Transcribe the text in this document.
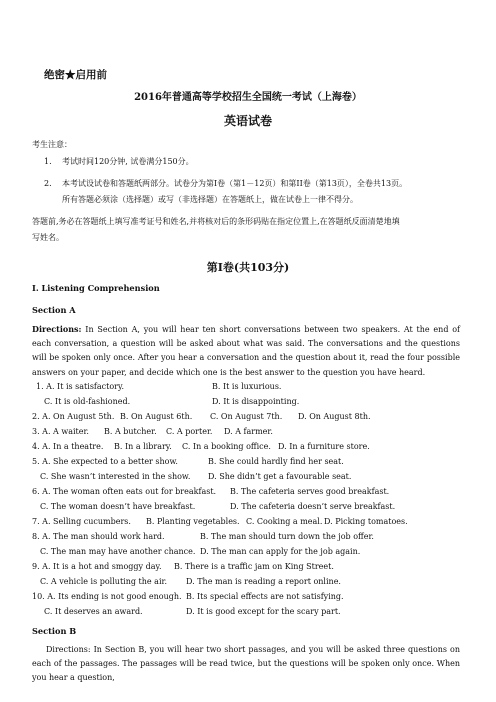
绝密★启用前
2016年普通高等学校招生全国统一考试（上海卷）
英语试卷
考生注意：
1. 考试时间120分钟, 试卷满分150分。
2. 本考试设试卷和答题纸两部分。试卷分为第I卷（第1－12页）和第II卷（第13页），全卷共13页。
所有答题必须涂（选择题）或写（非选择题）在答题纸上，做在试卷上一律不得分。
答题前,务必在答题纸上填写准考证号和姓名,并将核对后的条形码贴在指定位置上,在答题纸反面清楚地填
写姓名。
第I卷(共103分)
I. Listening Comprehension
Section A
Directions: In Section A, you will hear ten short conversations between two speakers. At the end of each conversation, a question will be asked about what was said. The conversations and the questions will be spoken only once. After you hear a conversation and the question about it, read the four possible answers on your paper, and decide which one is the best answer to the question you have heard.
1. A. It is satisfactory.	B. It is luxurious.
C. It is old-fashioned.	D. It is disappointing.
2. A. On August 5th. B. On August 6th. C. On August 7th. D. On August 8th.
3. A. A waiter. B. A butcher. C. A porter. D. A farmer.
4. A. In a theatre. B. In a library. C. In a booking office. D. In a furniture store.
5. A. She expected to a better show.	B. She could hardly find her seat.
C. She wasn’t interested in the show. D. She didn’t get a favourable seat.
6. A. The woman often eats out for breakfast. B. The cafeteria serves good breakfast.
C. The woman doesn’t have breakfast.	D. The cafeteria doesn’t serve breakfast.
7. A. Selling cucumbers. B. Planting vegetables. C. Cooking a meal. D. Picking tomatoes.
8. A. The man should work hard.	B. The man should turn down the job offer.
C. The man may have another chance. D. The man can apply for the job again.
9. A. It is a hot and smoggy day. B. There is a traffic jam on King Street.
C. A vehicle is polluting the air. D. The man is reading a report online.
10. A. Its ending is not good enough. B. Its special effects are not satisfying.
C. It deserves an award.	D. It is good except for the scary part.
Section B
Directions: In Section B, you will hear two short passages, and you will be asked three questions on each of the passages. The passages will be read twice, but the questions will be spoken only once. When you hear a question,
